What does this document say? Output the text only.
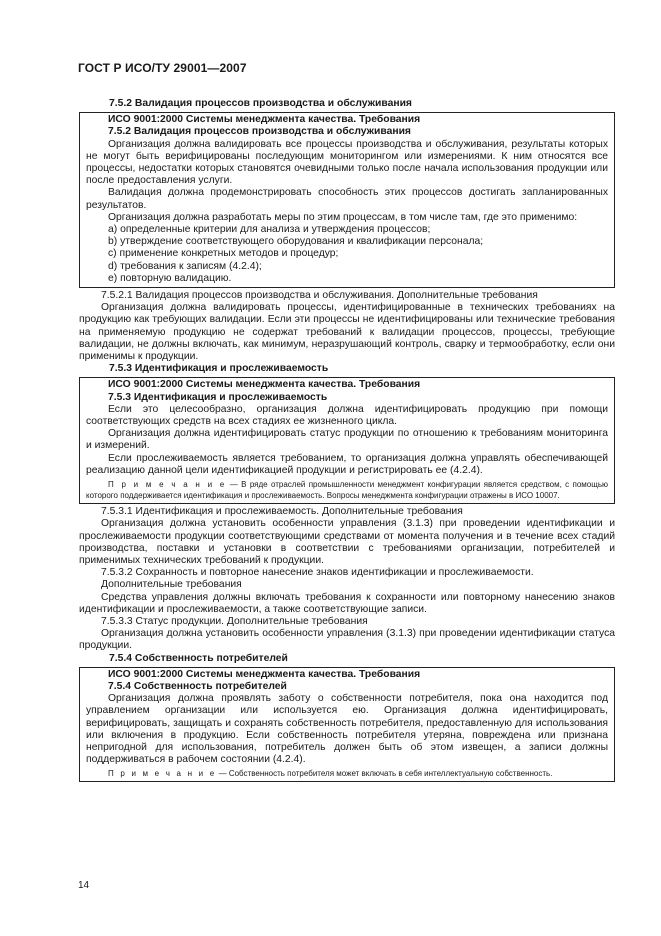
ГОСТ Р ИСО/ТУ 29001—2007
7.5.2 Валидация процессов производства и обслуживания
ИСО 9001:2000 Системы менеджмента качества. Требования
7.5.2 Валидация процессов производства и обслуживания
Организация должна валидировать все процессы производства и обслуживания, результаты которых не могут быть верифицированы последующим мониторингом или измерениями. К ним относятся все процессы, недостатки которых становятся очевидными только после начала использования продукции или после предоставления услуги.
Валидация должна продемонстрировать способность этих процессов достигать запланированных результатов.
Организация должна разработать меры по этим процессам, в том числе там, где это применимо:
a) определенные критерии для анализа и утверждения процессов;
b) утверждение соответствующего оборудования и квалификации персонала;
c) применение конкретных методов и процедур;
d) требования к записям (4.2.4);
e) повторную валидацию.
7.5.2.1 Валидация процессов производства и обслуживания. Дополнительные требования
Организация должна валидировать процессы, идентифицированные в технических требованиях на продукцию как требующих валидации. Если эти процессы не идентифицированы или технические требования на применяемую продукцию не содержат требований к валидации процессов, процессы, требующие валидации, не должны включать, как минимум, неразрушающий контроль, сварку и термообработку, если они применимы к продукции.
7.5.3 Идентификация и прослеживаемость
ИСО 9001:2000 Системы менеджмента качества. Требования
7.5.3 Идентификация и прослеживаемость
Если это целесообразно, организация должна идентифицировать продукцию при помощи соответствующих средств на всех стадиях ее жизненного цикла.
Организация должна идентифицировать статус продукции по отношению к требованиям мониторинга и измерений.
Если прослеживаемость является требованием, то организация должна управлять обеспечивающей реализацию данной цели идентификацией продукции и регистрировать ее (4.2.4).
П р и м е ч а н и е — В ряде отраслей промышленности менеджмент конфигурации является средством, с помощью которого поддерживается идентификация и прослеживаемость. Вопросы менеджмента конфигурации отражены в ИСО 10007.
7.5.3.1 Идентификация и прослеживаемость. Дополнительные требования
Организация должна установить особенности управления (3.1.3) при проведении идентификации и прослеживаемости продукции соответствующими средствами от момента получения и в течение всех стадий производства, поставки и установки в соответствии с требованиями организации, потребителей и применимых технических требований к продукции.
7.5.3.2 Сохранность и повторное нанесение знаков идентификации и прослеживаемости. Дополнительные требования
Средства управления должны включать требования к сохранности или повторному нанесению знаков идентификации и прослеживаемости, а также соответствующие записи.
7.5.3.3 Статус продукции. Дополнительные требования
Организация должна установить особенности управления (3.1.3) при проведении идентификации статуса продукции.
7.5.4 Собственность потребителей
ИСО 9001:2000 Системы менеджмента качества. Требования
7.5.4 Собственность потребителей
Организация должна проявлять заботу о собственности потребителя, пока она находится под управлением организации или используется ею. Организация должна идентифицировать, верифицировать, защищать и сохранять собственность потребителя, предоставленную для использования или включения в продукцию. Если собственность потребителя утеряна, повреждена или признана непригодной для использования, потребитель должен быть об этом извещен, а записи должны поддерживаться в рабочем состоянии (4.2.4).
П р и м е ч а н и е — Собственность потребителя может включать в себя интеллектуальную собственность.
14
